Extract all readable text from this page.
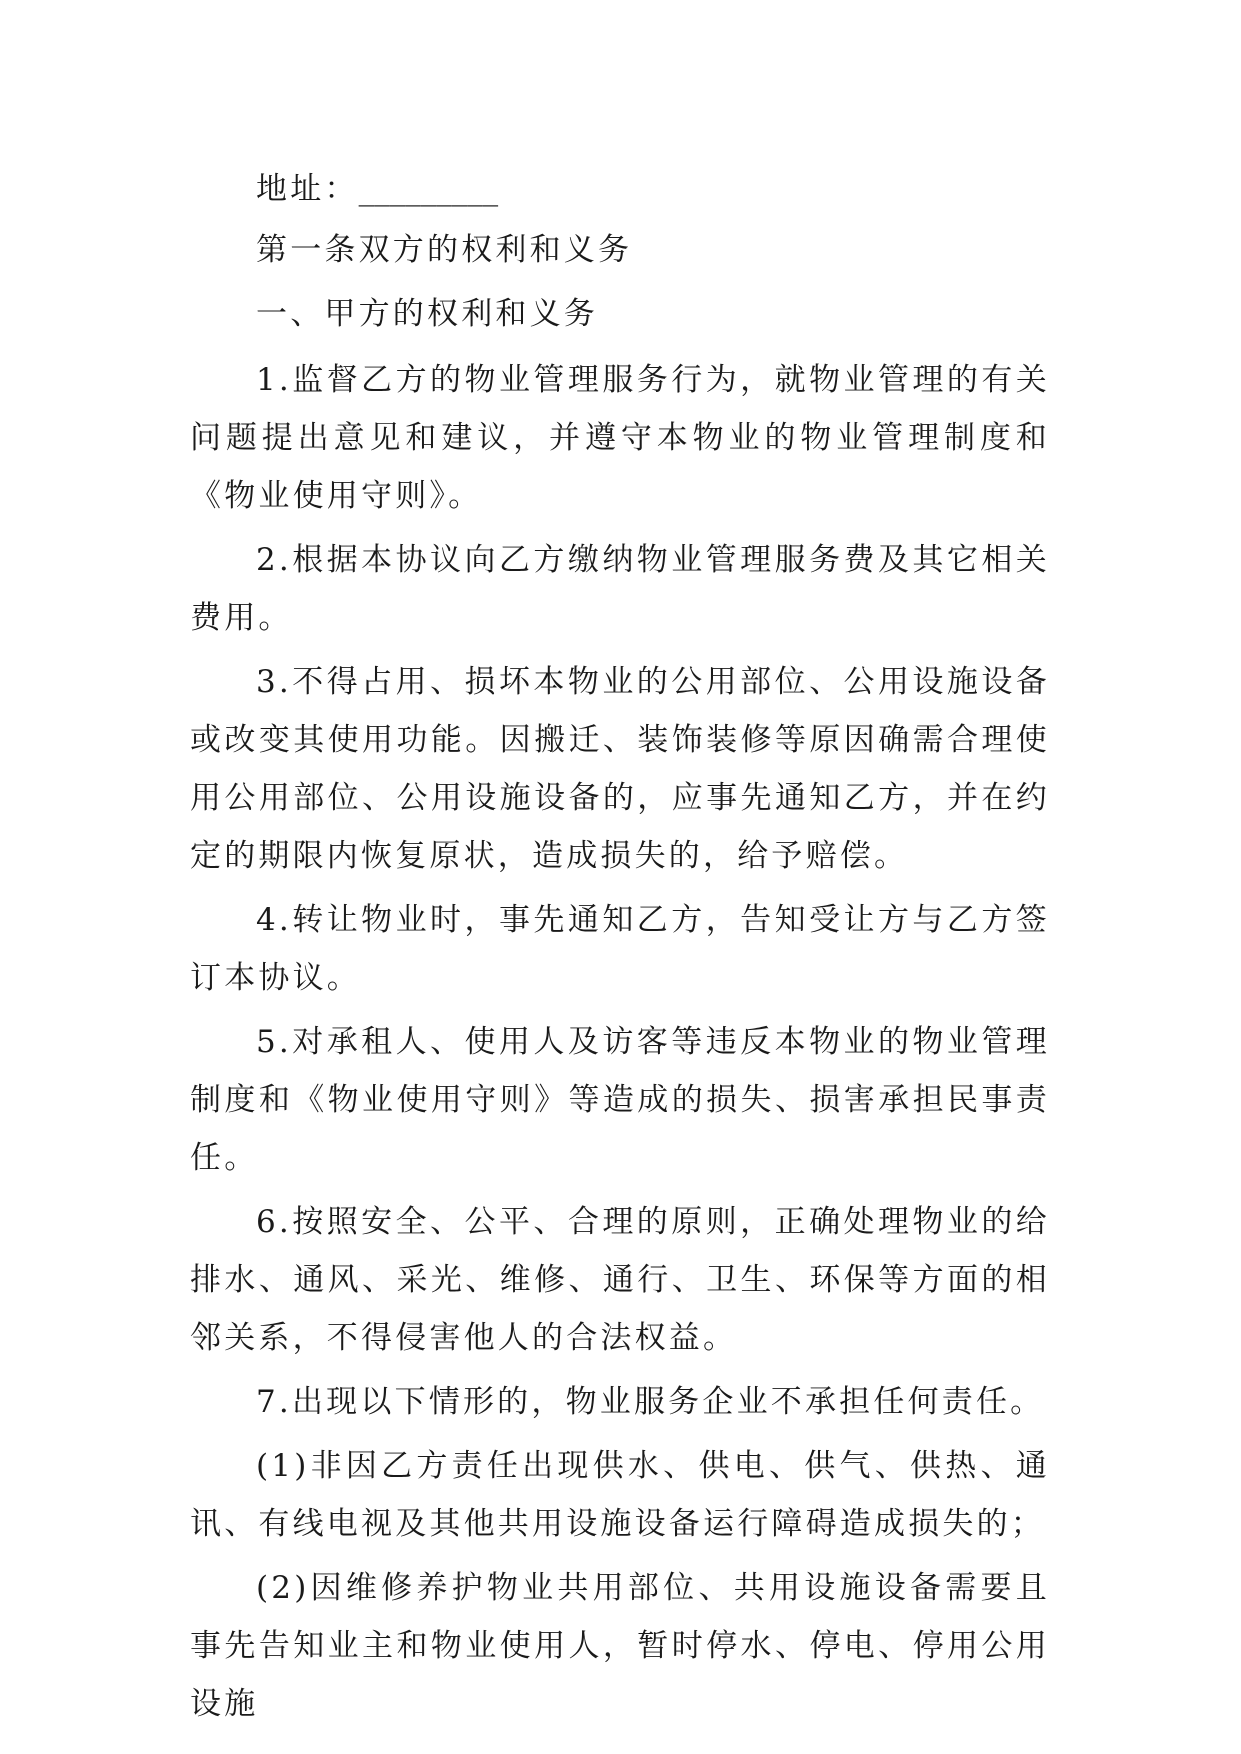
地址：_________
第一条双方的权利和义务
一、甲方的权利和义务

1.监督乙方的物业管理服务行为，就物业管理的有关问题提出意见和建议，并遵守本物业的物业管理制度和《物业使用守则》。

2.根据本协议向乙方缴纳物业管理服务费及其它相关费用。

3.不得占用、损坏本物业的公用部位、公用设施设备或改变其使用功能。因搬迁、装饰装修等原因确需合理使用公用部位、公用设施设备的，应事先通知乙方，并在约定的期限内恢复原状，造成损失的，给予赔偿。

4.转让物业时，事先通知乙方，告知受让方与乙方签订本协议。

5.对承租人、使用人及访客等违反本物业的物业管理制度和《物业使用守则》等造成的损失、损害承担民事责任。

6.按照安全、公平、合理的原则，正确处理物业的给排水、通风、采光、维修、通行、卫生、环保等方面的相邻关系，不得侵害他人的合法权益。

7.出现以下情形的，物业服务企业不承担任何责任。

(1)非因乙方责任出现供水、供电、供气、供热、通讯、有线电视及其他共用设施设备运行障碍造成损失的；

(2)因维修养护物业共用部位、共用设施设备需要且事先告知业主和物业使用人，暂时停水、停电、停用公用设施
